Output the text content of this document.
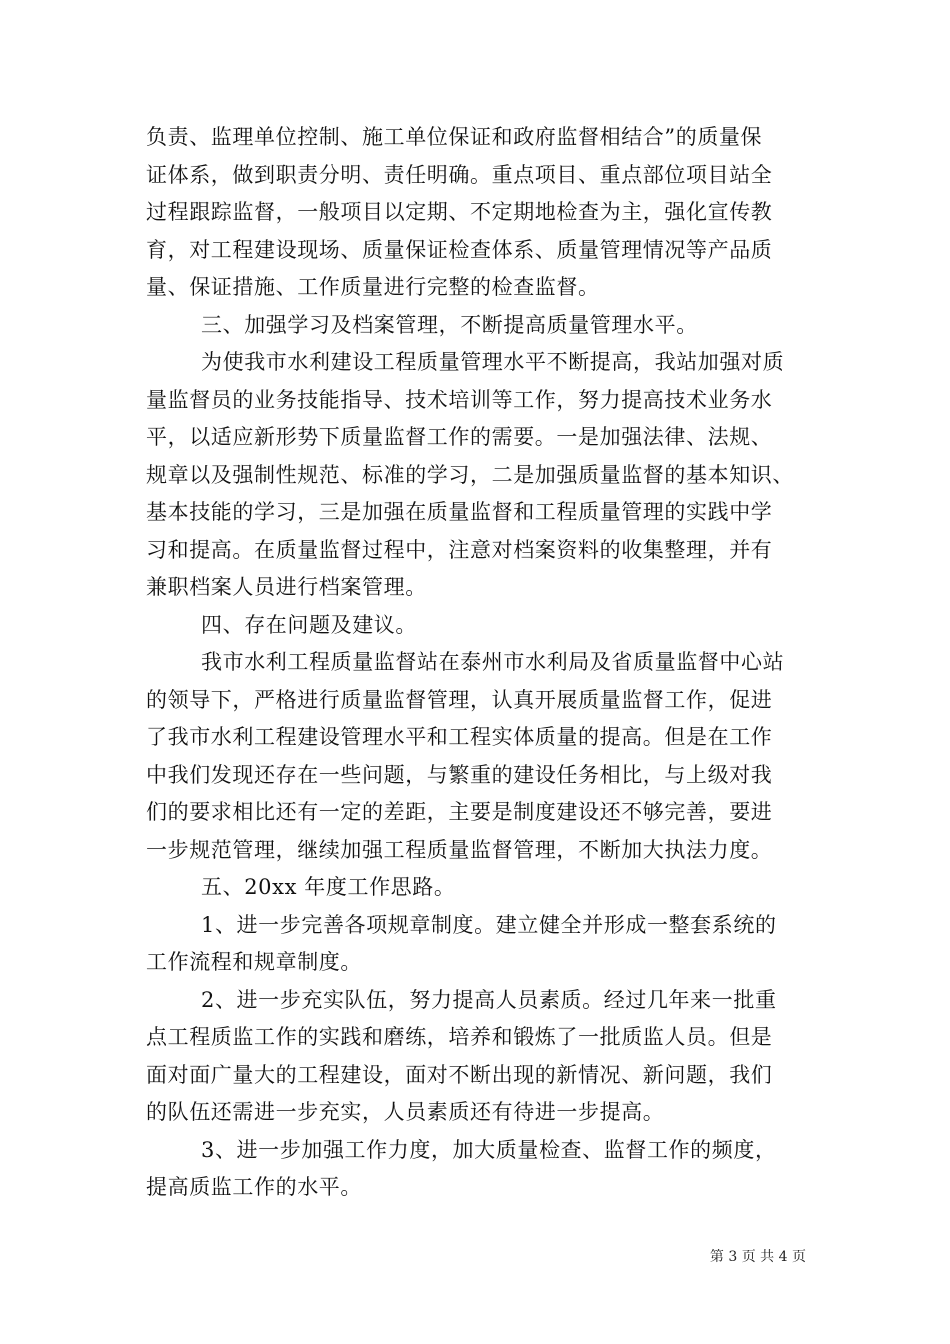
负责、监理单位控制、施工单位保证和政府监督相结合”的质量保
证体系，做到职责分明、责任明确。重点项目、重点部位项目站全
过程跟踪监督，一般项目以定期、不定期地检查为主，强化宣传教
育，对工程建设现场、质量保证检查体系、质量管理情况等产品质
量、保证措施、工作质量进行完整的检查监督。
三、加强学习及档案管理，不断提高质量管理水平。
为使我市水利建设工程质量管理水平不断提高，我站加强对质
量监督员的业务技能指导、技术培训等工作，努力提高技术业务水
平，以适应新形势下质量监督工作的需要。一是加强法律、法规、
规章以及强制性规范、标准的学习，二是加强质量监督的基本知识、
基本技能的学习，三是加强在质量监督和工程质量管理的实践中学
习和提高。在质量监督过程中，注意对档案资料的收集整理，并有
兼职档案人员进行档案管理。
四、存在问题及建议。
我市水利工程质量监督站在泰州市水利局及省质量监督中心站
的领导下，严格进行质量监督管理，认真开展质量监督工作，促进
了我市水利工程建设管理水平和工程实体质量的提高。但是在工作
中我们发现还存在一些问题，与繁重的建设任务相比，与上级对我
们的要求相比还有一定的差距，主要是制度建设还不够完善，要进
一步规范管理，继续加强工程质量监督管理，不断加大执法力度。
五、20xx 年度工作思路。
1、进一步完善各项规章制度。建立健全并形成一整套系统的
工作流程和规章制度。
2、进一步充实队伍，努力提高人员素质。经过几年来一批重
点工程质监工作的实践和磨练，培养和锻炼了一批质监人员。但是
面对面广量大的工程建设，面对不断出现的新情况、新问题，我们
的队伍还需进一步充实，人员素质还有待进一步提高。
3、进一步加强工作力度，加大质量检查、监督工作的频度，
提高质监工作的水平。
第 3 页 共 4 页
